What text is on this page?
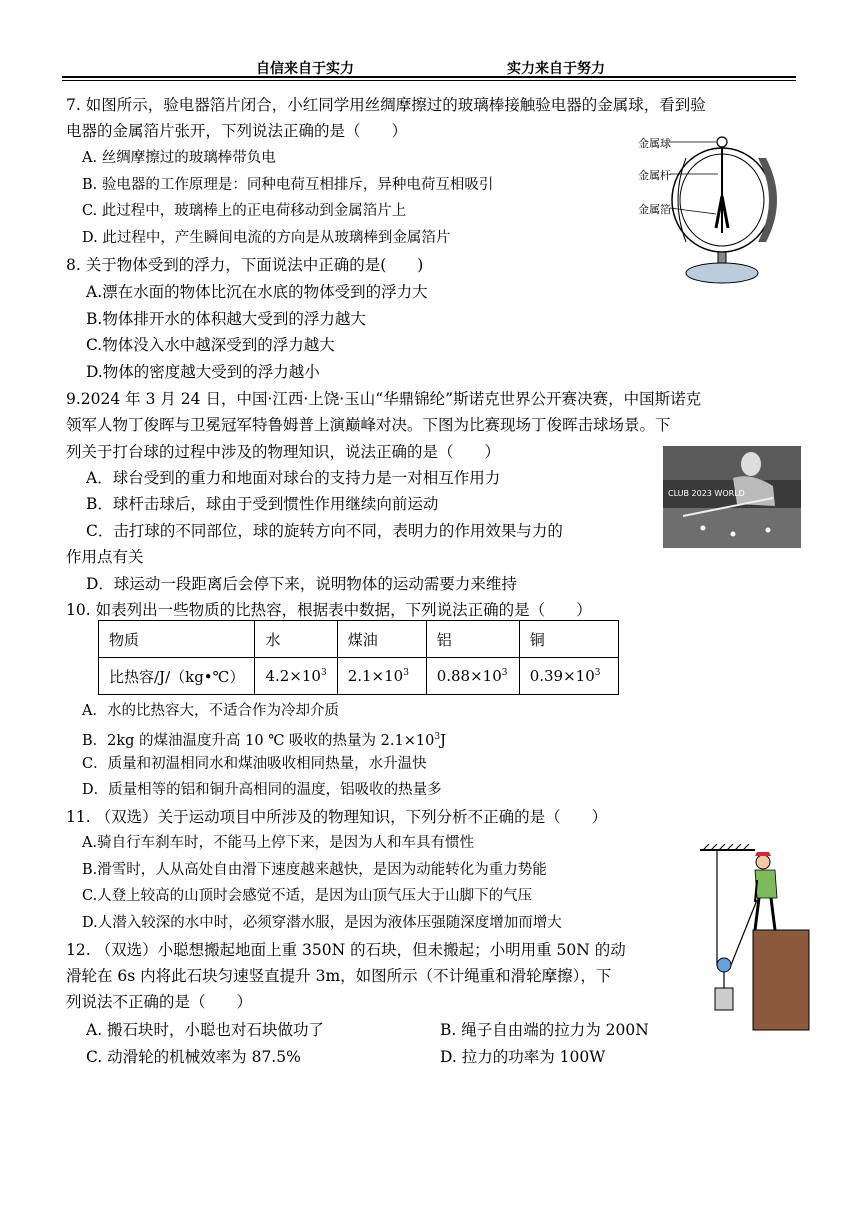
自信来自于实力	实力来自于努力
7. 如图所示，验电器箔片闭合，小红同学用丝绸摩擦过的玻璃棒接触验电器的金属球，看到验
电器的金属箔片张开，下列说法正确的是（　　）
A. 丝绸摩擦过的玻璃棒带负电
B. 验电器的工作原理是：同种电荷互相排斥，异种电荷互相吸引
C. 此过程中，玻璃棒上的正电荷移动到金属箔片上
D. 此过程中，产生瞬间电流的方向是从玻璃棒到金属箔片
金属球
金属杆
金属箔
8. 关于物体受到的浮力，下面说法中正确的是(　　)
A.漂在水面的物体比沉在水底的物体受到的浮力大
B.物体排开水的体积越大受到的浮力越大
C.物体没入水中越深受到的浮力越大
D.物体的密度越大受到的浮力越小
9.2024 年 3 月 24 日，中国·江西·上饶·玉山“华鼎锦纶”斯诺克世界公开赛决赛，中国斯诺克
领军人物丁俊晖与卫冕冠军特鲁姆普上演巅峰对决。下图为比赛现场丁俊晖击球场景。下
列关于打台球的过程中涉及的物理知识，说法正确的是（　　）
A．球台受到的重力和地面对球台的支持力是一对相互作用力
B．球杆击球后，球由于受到惯性作用继续向前运动
C．击打球的不同部位，球的旋转方向不同，表明力的作用效果与力的
作用点有关
D．球运动一段距离后会停下来，说明物体的运动需要力来维持
CLUB 2023 WORLD
10. 如表列出一些物质的比热容，根据表中数据，下列说法正确的是（　　）
物质	水	煤油	铝	铜
比热容/J/（kg•℃）	$4.2\times 10^3$	$2.1\times 10^3$	$0.88\times 10^3$	$0.39\times 10^3$
A．水的比热容大，不适合作为冷却介质
B．2kg 的煤油温度升高 10 ℃ 吸收的热量为 $2.1\times 10^3J$
C．质量和初温相同水和煤油吸收相同热量，水升温快
D．质量相等的铝和铜升高相同的温度，铝吸收的热量多
11. （双选）关于运动项目中所涉及的物理知识，下列分析不正确的是（　　）
A.骑自行车刹车时，不能马上停下来，是因为人和车具有惯性
B.滑雪时，人从高处自由滑下速度越来越快，是因为动能转化为重力势能
C.人登上较高的山顶时会感觉不适，是因为山顶气压大于山脚下的气压
D.人潜入较深的水中时，必须穿潜水服，是因为液体压强随深度增加而增大
12. （双选）小聪想搬起地面上重 350N 的石块，但未搬起；小明用重 50N 的动
滑轮在 6s 内将此石块匀速竖直提升 3m，如图所示（不计绳重和滑轮摩擦），下
列说法不正确的是（　　）
A. 搬石块时，小聪也对石块做功了	B. 绳子自由端的拉力为 200N
C. 动滑轮的机械效率为 87.5%	D. 拉力的功率为 100W
